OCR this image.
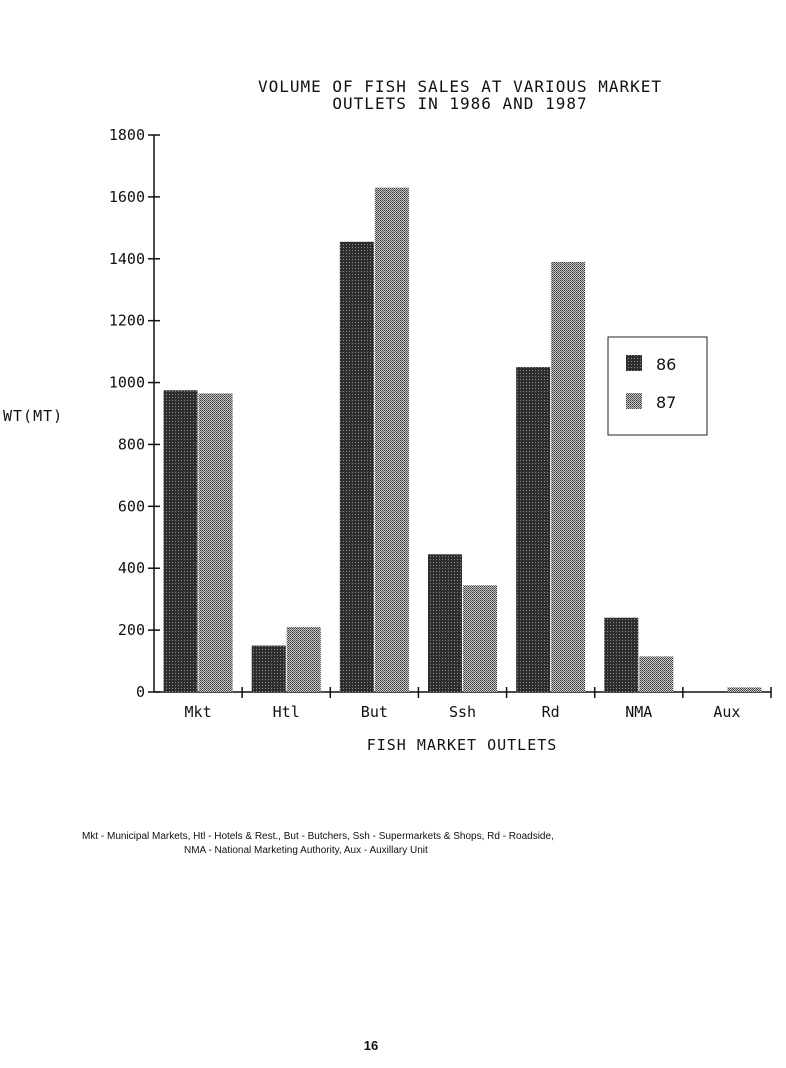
VOLUME OF FISH SALES AT VARIOUS MARKET
OUTLETS IN 1986 AND 1987
0
200
400
600
800
1000
1200
1400
1600
1800
Mkt	Htl	But	Ssh	Rd	NMA	Aux
WT(MT)
FISH MARKET OUTLETS
86
87
Mkt - Municipal Markets, Htl - Hotels & Rest., But - Butchers, Ssh - Supermarkets & Shops, Rd - Roadside,
NMA - National Marketing Authority, Aux - Auxillary Unit
16
